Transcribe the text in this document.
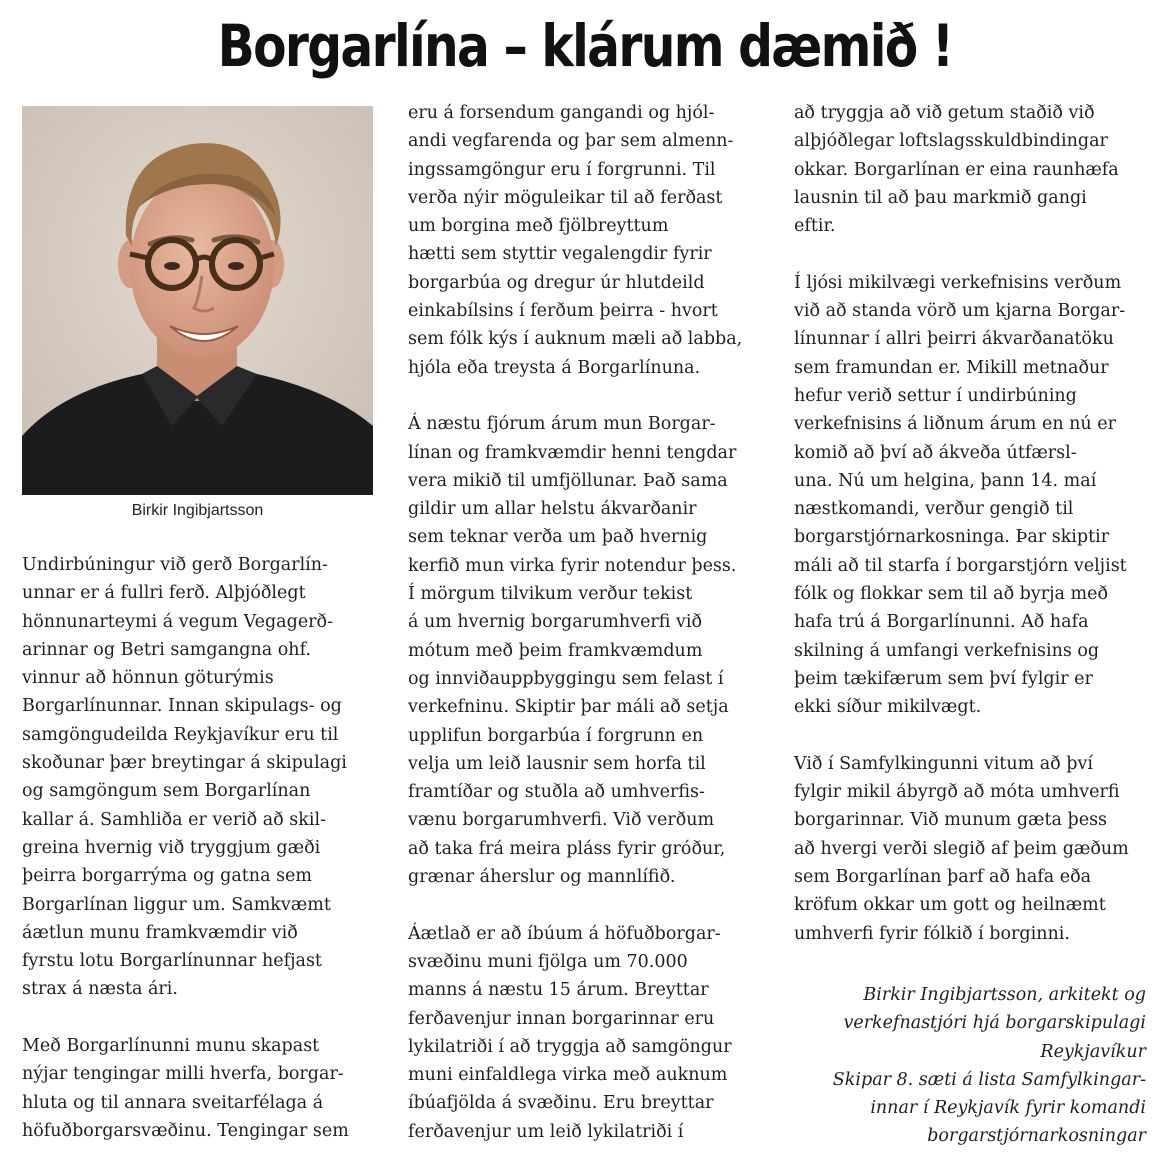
Borgarlína – klárum dæmið !
Birkir Ingibjartsson

Undirbúningur við gerð Borgarlín-

unnar er á fullri ferð. Alþjóðlegt

hönnunarteymi á vegum Vegagerð-

arinnar og Betri samgangna ohf.

vinnur að hönnun göturýmis

Borgarlínunnar. Innan skipulags- og

samgöngudeilda Reykjavíkur eru til

skoðunar þær breytingar á skipulagi

og samgöngum sem Borgarlínan

kallar á. Samhliða er verið að skil-

greina hvernig við tryggjum gæði

þeirra borgarrýma og gatna sem

Borgarlínan liggur um. Samkvæmt

áætlun munu framkvæmdir við

fyrstu lotu Borgarlínunnar hefjast

strax á næsta ári.

Með Borgarlínunni munu skapast

nýjar tengingar milli hverfa, borgar-

hluta og til annara sveitarfélaga á

höfuðborgarsvæðinu. Tengingar sem

eru á forsendum gangandi og hjól-

andi vegfarenda og þar sem almenn-

ingssamgöngur eru í forgrunni. Til

verða nýir möguleikar til að ferðast

um borgina með fjölbreyttum

hætti sem styttir vegalengdir fyrir

borgarbúa og dregur úr hlutdeild

einkabílsins í ferðum þeirra - hvort

sem fólk kýs í auknum mæli að labba,

hjóla eða treysta á Borgarlínuna.

Á næstu fjórum árum mun Borgar-

línan og framkvæmdir henni tengdar

vera mikið til umfjöllunar. Það sama

gildir um allar helstu ákvarðanir

sem teknar verða um það hvernig

kerfið mun virka fyrir notendur þess.

Í mörgum tilvikum verður tekist

á um hvernig borgarumhverfi við

mótum með þeim framkvæmdum

og innviðauppbyggingu sem felast í

verkefninu. Skiptir þar máli að setja

upplifun borgarbúa í forgrunn en

velja um leið lausnir sem horfa til

framtíðar og stuðla að umhverfis-

vænu borgarumhverfi. Við verðum

að taka frá meira pláss fyrir gróður,

grænar áherslur og mannlífið.

Áætlað er að íbúum á höfuðborgar-

svæðinu muni fjölga um 70.000

manns á næstu 15 árum. Breyttar

ferðavenjur innan borgarinnar eru

lykilatriði í að tryggja að samgöngur

muni einfaldlega virka með auknum

íbúafjölda á svæðinu. Eru breyttar

ferðavenjur um leið lykilatriði í

að tryggja að við getum staðið við

alþjóðlegar loftslagsskuldbindingar

okkar. Borgarlínan er eina raunhæfa

lausnin til að þau markmið gangi

eftir.

Í ljósi mikilvægi verkefnisins verðum

við að standa vörð um kjarna Borgar-

línunnar í allri þeirri ákvarðanatöku

sem framundan er. Mikill metnaður

hefur verið settur í undirbúning

verkefnisins á liðnum árum en nú er

komið að því að ákveða útfærsl-

una. Nú um helgina, þann 14. maí

næstkomandi, verður gengið til

borgarstjórnarkosninga. Þar skiptir

máli að til starfa í borgarstjórn veljist

fólk og flokkar sem til að byrja með

hafa trú á Borgarlínunni. Að hafa

skilning á umfangi verkefnisins og

þeim tækifærum sem því fylgir er

ekki síður mikilvægt.

Við í Samfylkingunni vitum að því

fylgir mikil ábyrgð að móta umhverfi

borgarinnar. Við munum gæta þess

að hvergi verði slegið af þeim gæðum

sem Borgarlínan þarf að hafa eða

kröfum okkar um gott og heilnæmt

umhverfi fyrir fólkið í borginni.

Birkir Ingibjartsson, arkitekt og
verkefnastjóri hjá borgarskipulagi
Reykjavíkur
Skipar 8. sæti á lista Samfylkingar-
innar í Reykjavík fyrir komandi
borgarstjórnarkosningar
